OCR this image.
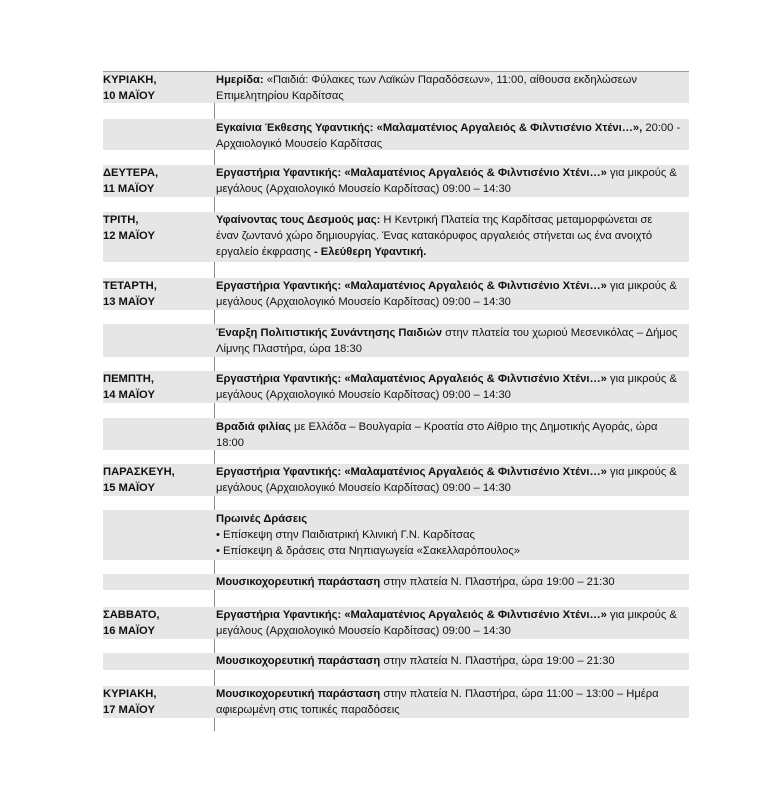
ΚΥΡΙΑΚΗ,
10 ΜΑΪΟΥ
Ημερίδα: «Παιδιά: Φύλακες των Λαϊκών Παραδόσεων», 11:00, αίθουσα εκδηλώσεων
Επιμελητηρίου Καρδίτσας
Εγκαίνια Έκθεσης Υφαντικής: «Μαλαματένιος Αργαλειός & Φιλντισένιο Χτένι…», 20:00 -
Αρχαιολογικό Μουσείο Καρδίτσας
ΔΕΥΤΕΡΑ,
11 ΜΑΪΟΥ
Εργαστήρια Υφαντικής: «Μαλαματένιος Αργαλειός & Φιλντισένιο Χτένι…» για μικρούς &
μεγάλους (Αρχαιολογικό Μουσείο Καρδίτσας) 09:00 – 14:30
ΤΡΙΤΗ,
12 ΜΑΪΟΥ
Υφαίνοντας τους Δεσμούς μας: Η Κεντρική Πλατεία της Καρδίτσας μεταμορφώνεται σε
έναν ζωντανό χώρο δημιουργίας. Ένας κατακόρυφος αργαλειός στήνεται ως ένα ανοιχτό
εργαλείο έκφρασης - Ελεύθερη Υφαντική.
ΤΕΤΑΡΤΗ,
13 ΜΑΪΟΥ
Εργαστήρια Υφαντικής: «Μαλαματένιος Αργαλειός & Φιλντισένιο Χτένι…» για μικρούς &
μεγάλους (Αρχαιολογικό Μουσείο Καρδίτσας) 09:00 – 14:30
Έναρξη Πολιτιστικής Συνάντησης Παιδιών στην πλατεία του χωριού Μεσενικόλας – Δήμος
Λίμνης Πλαστήρα, ώρα 18:30
ΠΕΜΠΤΗ,
14 ΜΑΪΟΥ
Εργαστήρια Υφαντικής: «Μαλαματένιος Αργαλειός & Φιλντισένιο Χτένι…» για μικρούς &
μεγάλους (Αρχαιολογικό Μουσείο Καρδίτσας) 09:00 – 14:30
Βραδιά φιλίας με Ελλάδα – Βουλγαρία – Κροατία στο Αίθριο της Δημοτικής Αγοράς, ώρα
18:00
ΠΑΡΑΣΚΕΥΗ,
15 ΜΑΪΟΥ
Εργαστήρια Υφαντικής: «Μαλαματένιος Αργαλειός & Φιλντισένιο Χτένι…» για μικρούς &
μεγάλους (Αρχαιολογικό Μουσείο Καρδίτσας) 09:00 – 14:30
Πρωινές Δράσεις
• Επίσκεψη στην Παιδιατρική Κλινική Γ.Ν. Καρδίτσας
• Επίσκεψη & δράσεις στα Νηπιαγωγεία «Σακελλαρόπουλος»
Μουσικοχορευτική παράσταση στην πλατεία Ν. Πλαστήρα, ώρα 19:00 – 21:30
ΣΑΒΒΑΤΟ,
16 ΜΑΪΟΥ
Εργαστήρια Υφαντικής: «Μαλαματένιος Αργαλειός & Φιλντισένιο Χτένι…» για μικρούς &
μεγάλους (Αρχαιολογικό Μουσείο Καρδίτσας) 09:00 – 14:30
Μουσικοχορευτική παράσταση στην πλατεία Ν. Πλαστήρα, ώρα 19:00 – 21:30
ΚΥΡΙΑΚΗ,
17 ΜΑΪΟΥ
Μουσικοχορευτική παράσταση στην πλατεία Ν. Πλαστήρα, ώρα 11:00 – 13:00 – Ημέρα
αφιερωμένη στις τοπικές παραδόσεις
